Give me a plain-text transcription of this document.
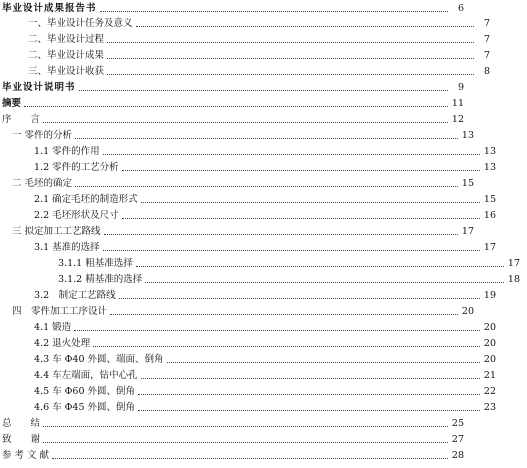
毕业设计成果报告书	6
一、毕业设计任务及意义	7
二、毕业设计过程	7
二、毕业设计成果	7
三、毕业设计收获	8
毕业设计说明书	9
摘要	11
序　　言	12
一 零件的分析	13
1.1 零件的作用	13
1.2 零件的工艺分析	13
二 毛坯的确定	15
2.1 确定毛坯的制造形式	15
2.2 毛坯形状及尺寸	16
三 拟定加工工艺路线	17
3.1 基准的选择	17
3.1.1 粗基准选择	17
3.1.2 精基准的选择	18
3.2　制定工艺路线	19
四　零件加工工序设计	20
4.1 锻造	20
4.2 退火处理	20
4.3 车 Φ40 外圆、端面、倒角	20
4.4 车左端面，钻中心孔	21
4.5 车 Φ60 外圆、倒角	22
4.6 车 Φ45 外圆、倒角	23
总　　结	25
致　　谢	27
参 考 文 献	28
